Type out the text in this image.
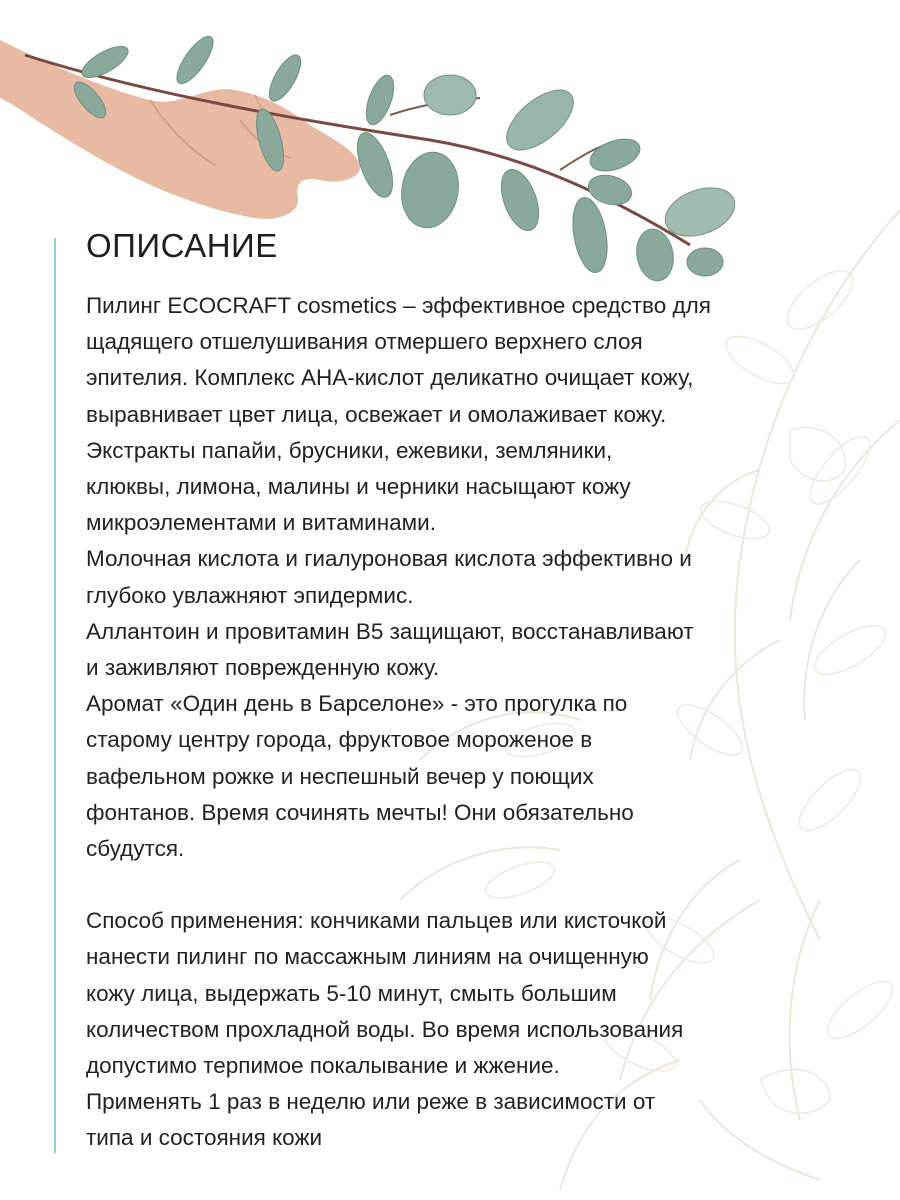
ОПИСАНИЕ

Пилинг ECOCRAFT cosmetics – эффективное средство для
щадящего отшелушивания отмершего верхнего слоя
эпителия. Комплекс АНА-кислот деликатно очищает кожу,
выравнивает цвет лица, освежает и омолаживает кожу.
Экстракты папайи, брусники, ежевики, земляники,
клюквы, лимона, малины и черники насыщают кожу
микроэлементами и витаминами.

Молочная кислота и гиалуроновая кислота эффективно и
глубоко увлажняют эпидермис.

Аллантоин и провитамин В5 защищают, восстанавливают
и заживляют поврежденную кожу.

Аромат «Один день в Барселоне» - это прогулка по
старому центру города, фруктовое мороженое в
вафельном рожке и неспешный вечер у поющих
фонтанов. Время сочинять мечты! Они обязательно
сбудутся.

Способ применения: кончиками пальцев или кисточкой
нанести пилинг по массажным линиям на очищенную
кожу лица, выдержать 5-10 минут, смыть большим
количеством прохладной воды. Во время использования
допустимо терпимое покалывание и жжение.

Применять 1 раз в неделю или реже в зависимости от
типа и состояния кожи
